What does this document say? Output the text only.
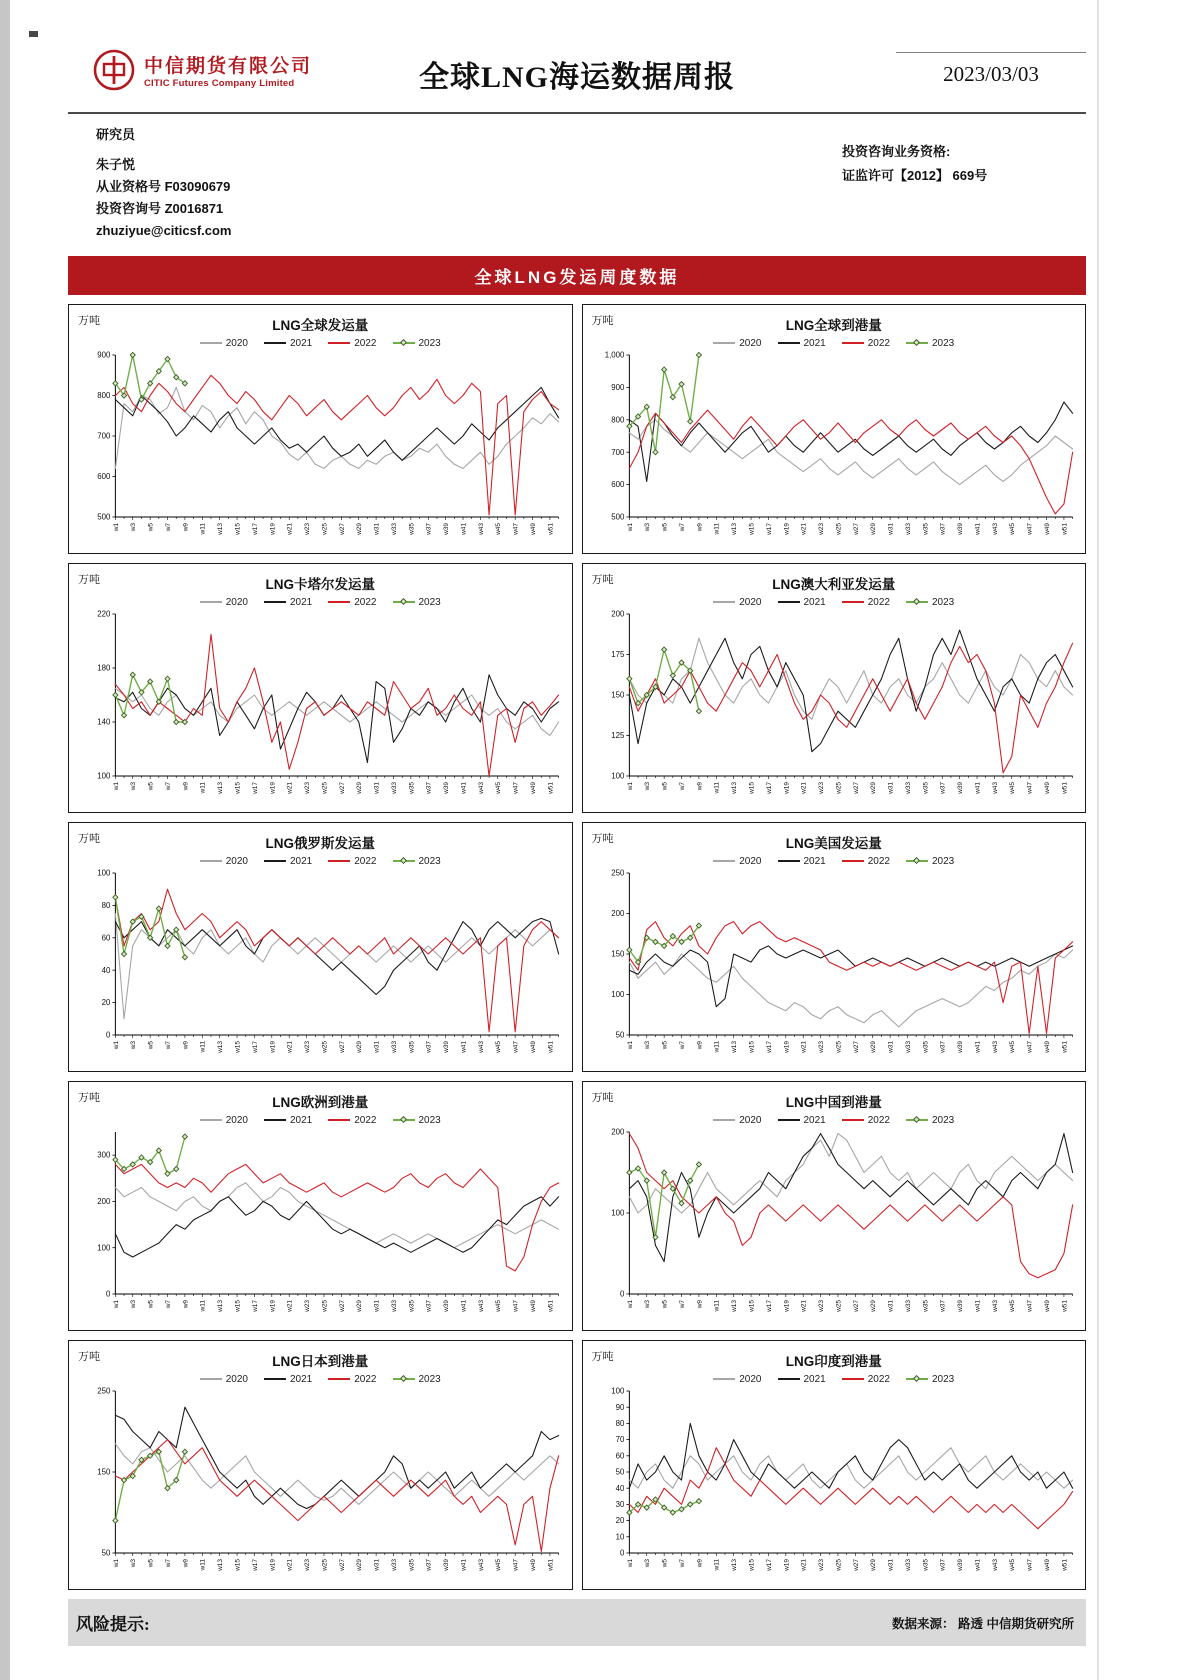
中信期货有限公司
CITIC Futures Company Limited	全球LNG海运数据周报	2023/03/03

研究员

朱子悦

从业资格号 F03090679

投资咨询号 Z0016871

zhuziyue@citicsf.com

投资咨询业务资格:

证监许可【2012】 669号

全球LNG发运周度数据
万吨	LNG全球发运量
2020	2021	2022	2023
500
600
700
800
900
w1 w3 w5 w7 w9 w11 w13 w15 w17 w19 w21 w23 w25 w27 w29 w31 w33 w35 w37 w39 w41 w43 w45 w47 w49 w51
万吨	LNG全球到港量
2020	2021	2022	2023
500
600
700
800
900
1,000
w1 w3 w5 w7 w9 w11 w13 w15 w17 w19 w21 w23 w25 w27 w29 w31 w33 w35 w37 w39 w41 w43 w45 w47 w49 w51
万吨	LNG卡塔尔发运量
2020	2021	2022	2023
100
140
180
220
w1 w3 w5 w7 w9 w11 w13 w15 w17 w19 w21 w23 w25 w27 w29 w31 w33 w35 w37 w39 w41 w43 w45 w47 w49 w51
万吨	LNG澳大利亚发运量
2020	2021	2022	2023
100
125
150
175
200
w1 w3 w5 w7 w9 w11 w13 w15 w17 w19 w21 w23 w25 w27 w29 w31 w33 w35 w37 w39 w41 w43 w45 w47 w49 w51
万吨	LNG俄罗斯发运量
2020	2021	2022	2023
0
20
40
60
80
100
w1 w3 w5 w7 w9 w11 w13 w15 w17 w19 w21 w23 w25 w27 w29 w31 w33 w35 w37 w39 w41 w43 w45 w47 w49 w51
万吨	LNG美国发运量
2020	2021	2022	2023
50
100
150
200
250
w1 w3 w5 w7 w9 w11 w13 w15 w17 w19 w21 w23 w25 w27 w29 w31 w33 w35 w37 w39 w41 w43 w45 w47 w49 w51
万吨	LNG欧洲到港量
2020	2021	2022	2023
0
100
200
300
w1 w3 w5 w7 w9 w11 w13 w15 w17 w19 w21 w23 w25 w27 w29 w31 w33 w35 w37 w39 w41 w43 w45 w47 w49 w51
万吨	LNG中国到港量
2020	2021	2022	2023
0
100
200
w1 w3 w5 w7 w9 w11 w13 w15 w17 w19 w21 w23 w25 w27 w29 w31 w33 w35 w37 w39 w41 w43 w45 w47 w49 w51
万吨	LNG日本到港量
2020	2021	2022	2023
50
150
250
w1 w3 w5 w7 w9 w11 w13 w15 w17 w19 w21 w23 w25 w27 w29 w31 w33 w35 w37 w39 w41 w43 w45 w47 w49 w51
万吨	LNG印度到港量
2020	2021	2022	2023
0
10
20
30
40
50
60
70
80
90
100
w1 w3 w5 w7 w9 w11 w13 w15 w17 w19 w21 w23 w25 w27 w29 w31 w33 w35 w37 w39 w41 w43 w45 w47 w49 w51
风险提示:	数据来源： 路透 中信期货研究所
